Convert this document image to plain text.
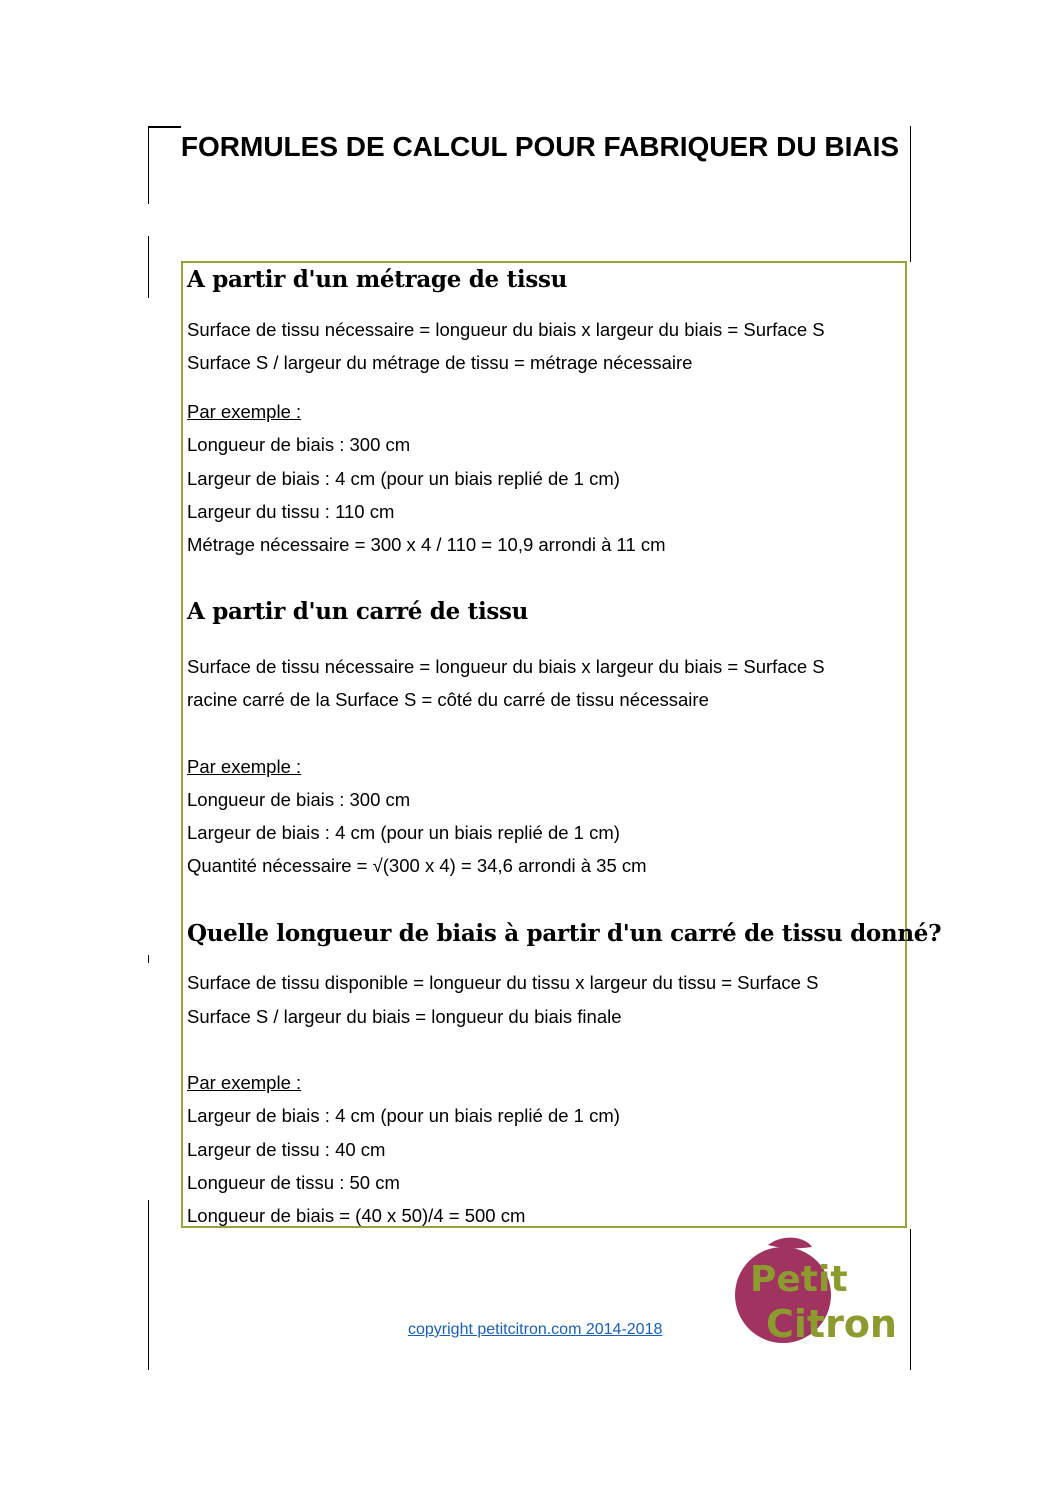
FORMULES DE CALCUL POUR FABRIQUER DU BIAIS
A partir d'un métrage de tissu
Surface de tissu nécessaire = longueur du biais x largeur du biais = Surface S
Surface S / largeur du métrage de tissu = métrage nécessaire
Par exemple :
Longueur de biais : 300 cm
Largeur de biais : 4 cm (pour un biais replié de 1 cm)
Largeur du tissu : 110 cm
Métrage nécessaire = 300 x 4 / 110 = 10,9 arrondi à 11 cm
A partir d'un carré de tissu
Surface de tissu nécessaire = longueur du biais x largeur du biais = Surface S
racine carré de la Surface S = côté du carré de tissu nécessaire
Par exemple :
Longueur de biais : 300 cm
Largeur de biais : 4 cm (pour un biais replié de 1 cm)
Quantité nécessaire = √(300 x 4) = 34,6 arrondi à 35 cm
Quelle longueur de biais à partir d'un carré de tissu donné?
Surface de tissu disponible = longueur du tissu x largeur du tissu = Surface S
Surface S / largeur du biais = longueur du biais finale
Par exemple :
Largeur de biais : 4 cm (pour un biais replié de 1 cm)
Largeur de tissu : 40 cm
Longueur de tissu : 50 cm
Longueur de biais = (40 x 50)/4 = 500 cm
copyright petitcitron.com 2014-2018
Petit
Citron
